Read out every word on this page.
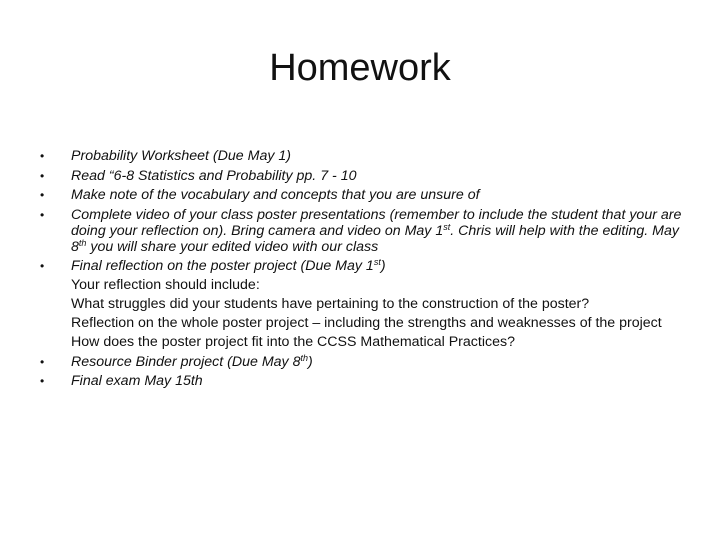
Homework
•	Probability Worksheet (Due May 1)
•	Read “6-8 Statistics and Probability pp. 7 - 10
•	Make note of the vocabulary and concepts that you are unsure of
•	Complete video of your class poster presentations (remember to include the student that your are doing your reflection on). Bring camera and video on May 1st. Chris will help with the editing. May 8th you will share your edited video with our class
•	Final reflection on the poster project (Due May 1st)
Your reflection should include:
What struggles did your students have pertaining to the construction of the poster?
Reflection on the whole poster project – including the strengths and weaknesses of the project
How does the poster project fit into the CCSS Mathematical Practices?
•	Resource Binder project (Due May 8th)
•	Final exam May 15th
